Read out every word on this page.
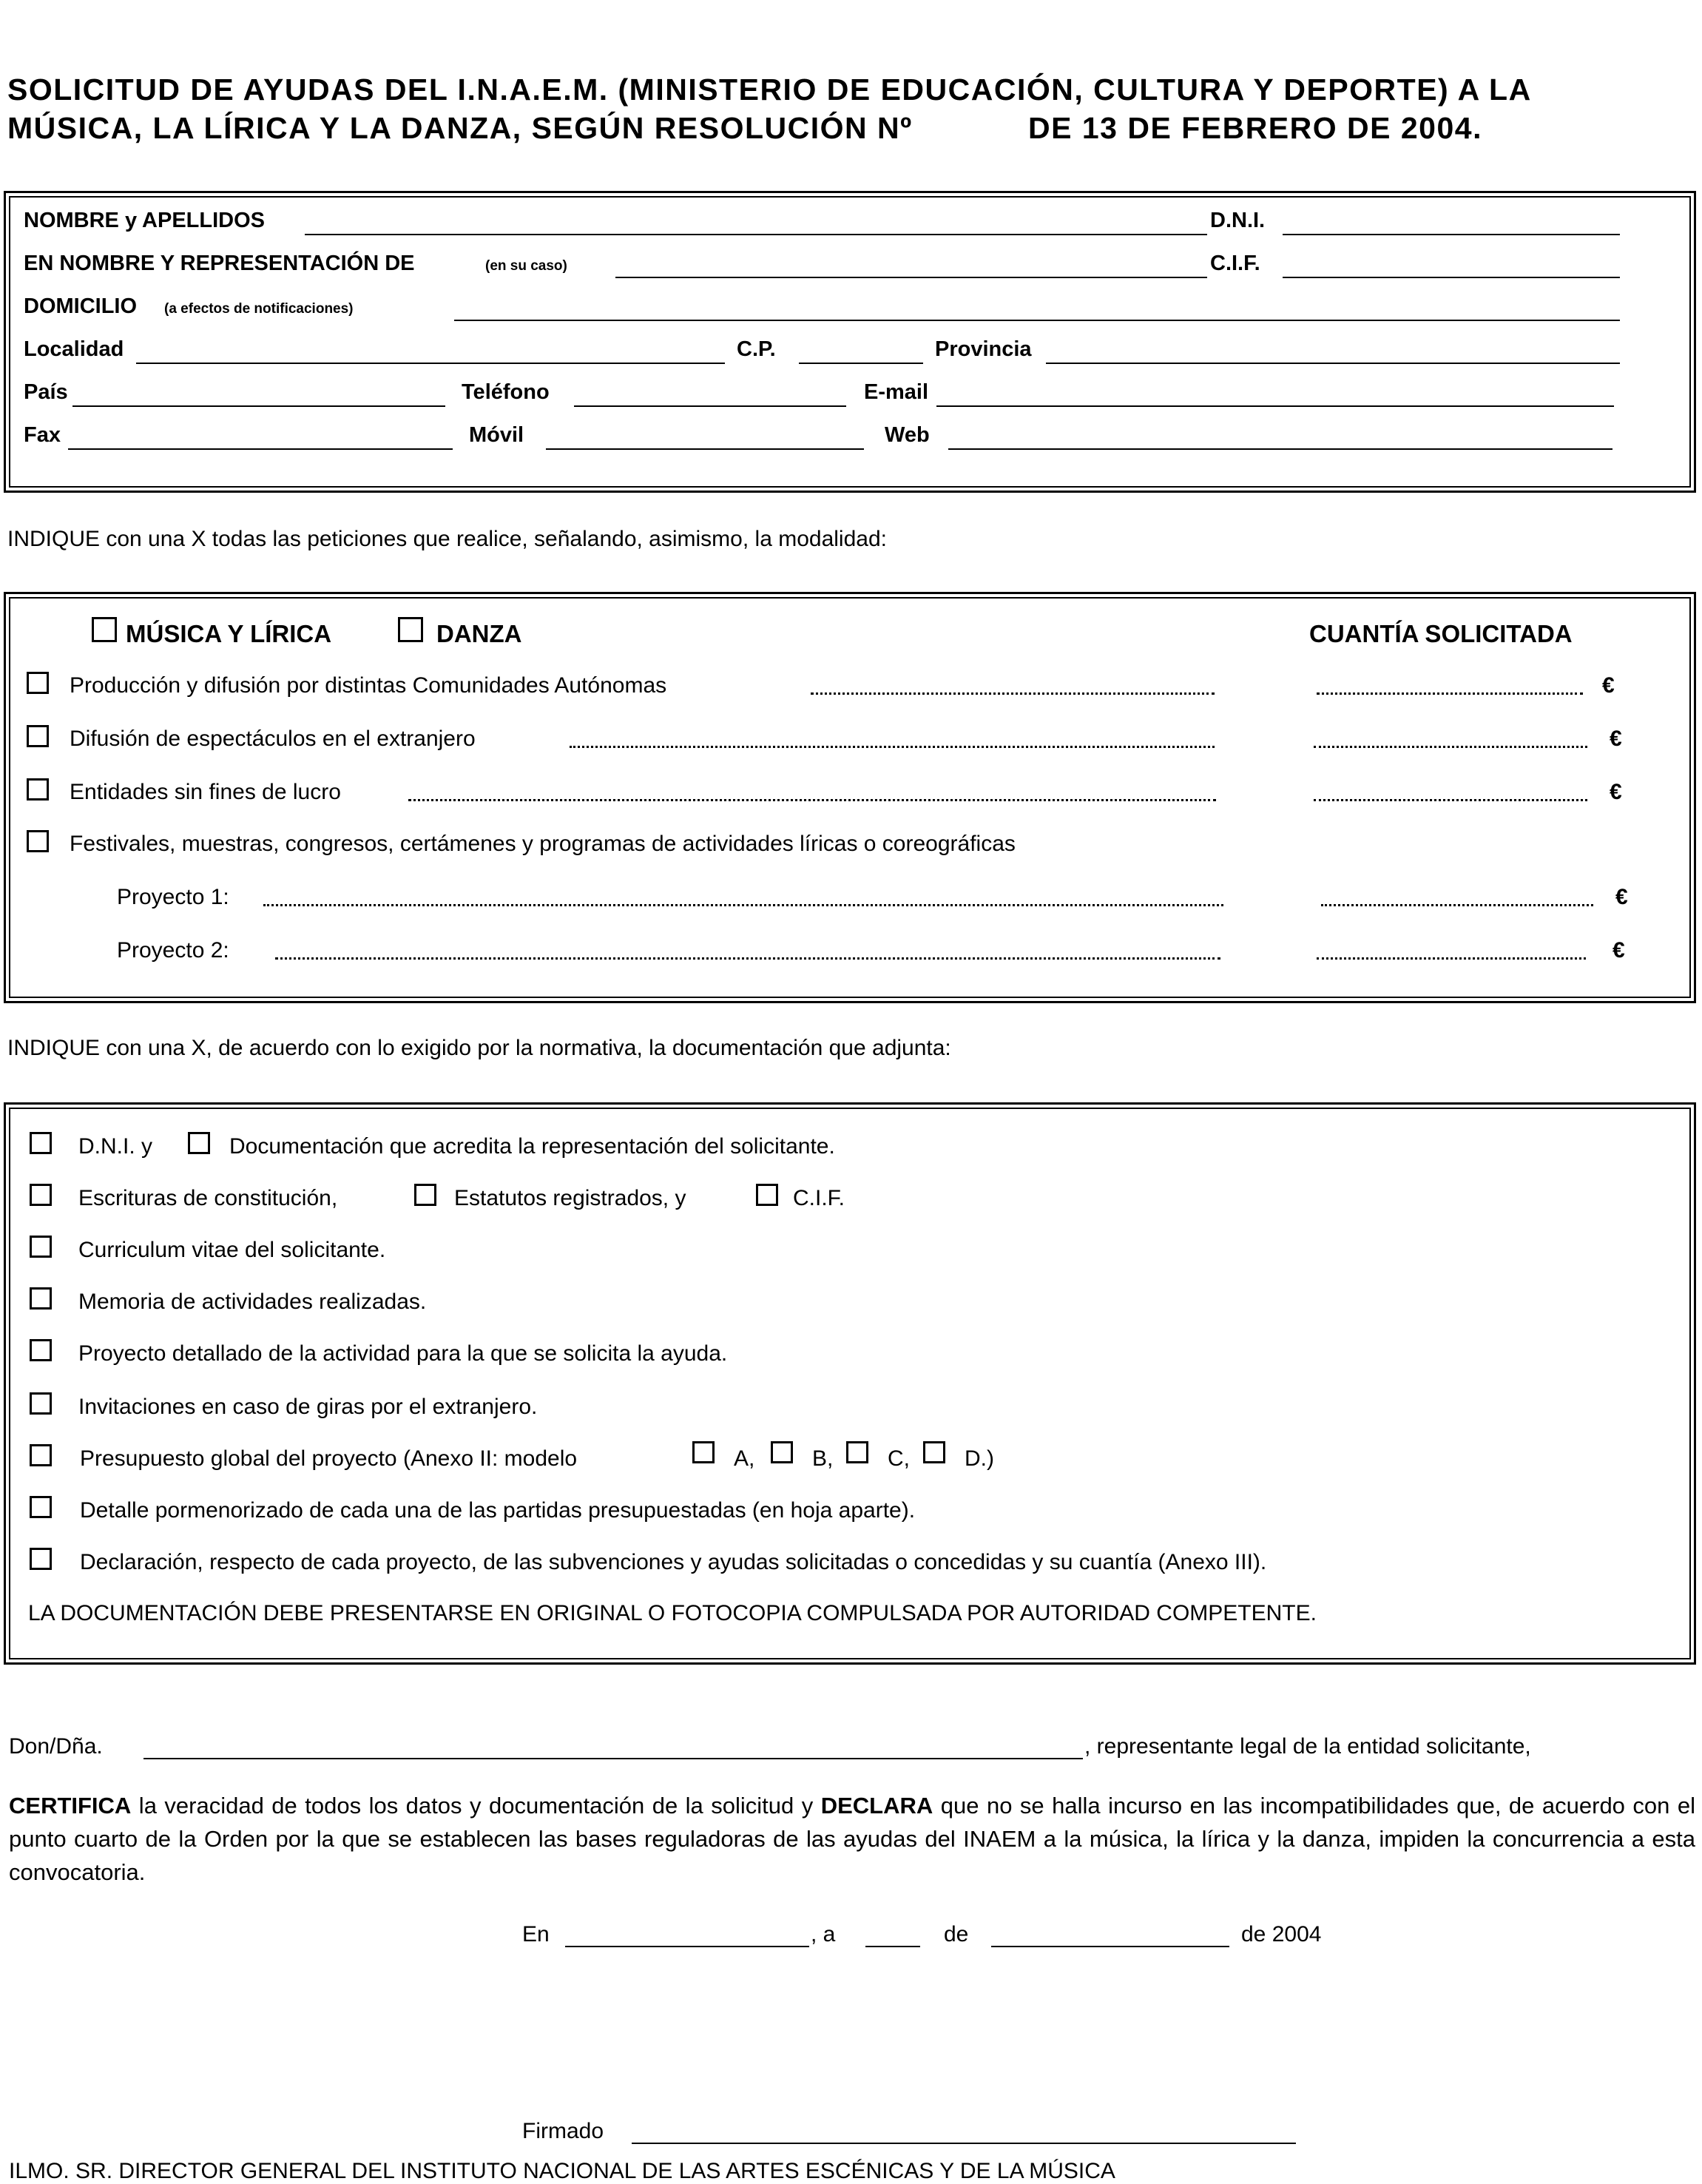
SOLICITUD DE AYUDAS DEL I.N.A.E.M. (MINISTERIO DE EDUCACIÓN, CULTURA Y DEPORTE) A LA
MÚSICA, LA LÍRICA Y LA DANZA, SEGÚN RESOLUCIÓN Nº	DE 13 DE FEBRERO DE 2004.
NOMBRE y APELLIDOS	D.N.I.
EN NOMBRE Y REPRESENTACIÓN DE	(en su caso)	C.I.F.
DOMICILIO (a efectos de notificaciones)
Localidad	C.P.	Provincia
País	Teléfono	E-mail
Fax	Móvil	Web
INDIQUE con una X todas las peticiones que realice, señalando, asimismo, la modalidad:
MÚSICA Y LÍRICA	DANZA	CUANTÍA SOLICITADA
Producción y difusión por distintas Comunidades Autónomas	€
Difusión de espectáculos en el extranjero	€
Entidades sin fines de lucro	€
Festivales, muestras, congresos, certámenes y programas de actividades líricas o coreográficas
Proyecto 1:	€
Proyecto 2:	€
INDIQUE con una X, de acuerdo con lo exigido por la normativa, la documentación que adjunta:
D.N.I. y	Documentación que acredita la representación del solicitante.
Escrituras de constitución,	Estatutos registrados, y	C.I.F.
Curriculum vitae del solicitante.
Memoria de actividades realizadas.
Proyecto detallado de la actividad para la que se solicita la ayuda.
Invitaciones en caso de giras por el extranjero.
Presupuesto global del proyecto (Anexo II: modelo	A,	B, C, D.)
Detalle pormenorizado de cada una de las partidas presupuestadas (en hoja aparte).
Declaración, respecto de cada proyecto, de las subvenciones y ayudas solicitadas o concedidas y su cuantía (Anexo III).
LA DOCUMENTACIÓN DEBE PRESENTARSE EN ORIGINAL O FOTOCOPIA COMPULSADA POR AUTORIDAD COMPETENTE.
Don/Dña.	, representante legal de la entidad solicitante,
CERTIFICA la veracidad de todos los datos y documentación de la solicitud y DECLARA que no se halla incurso en las incompatibilidades que, de acuerdo con el punto cuarto de la Orden por la que se establecen las bases reguladoras de las ayudas del INAEM a la música, la lírica y la danza, impiden la concurrencia a esta convocatoria.
En	, a	de	de 2004
Firmado
ILMO. SR. DIRECTOR GENERAL DEL INSTITUTO NACIONAL DE LAS ARTES ESCÉNICAS Y DE LA MÚSICA
